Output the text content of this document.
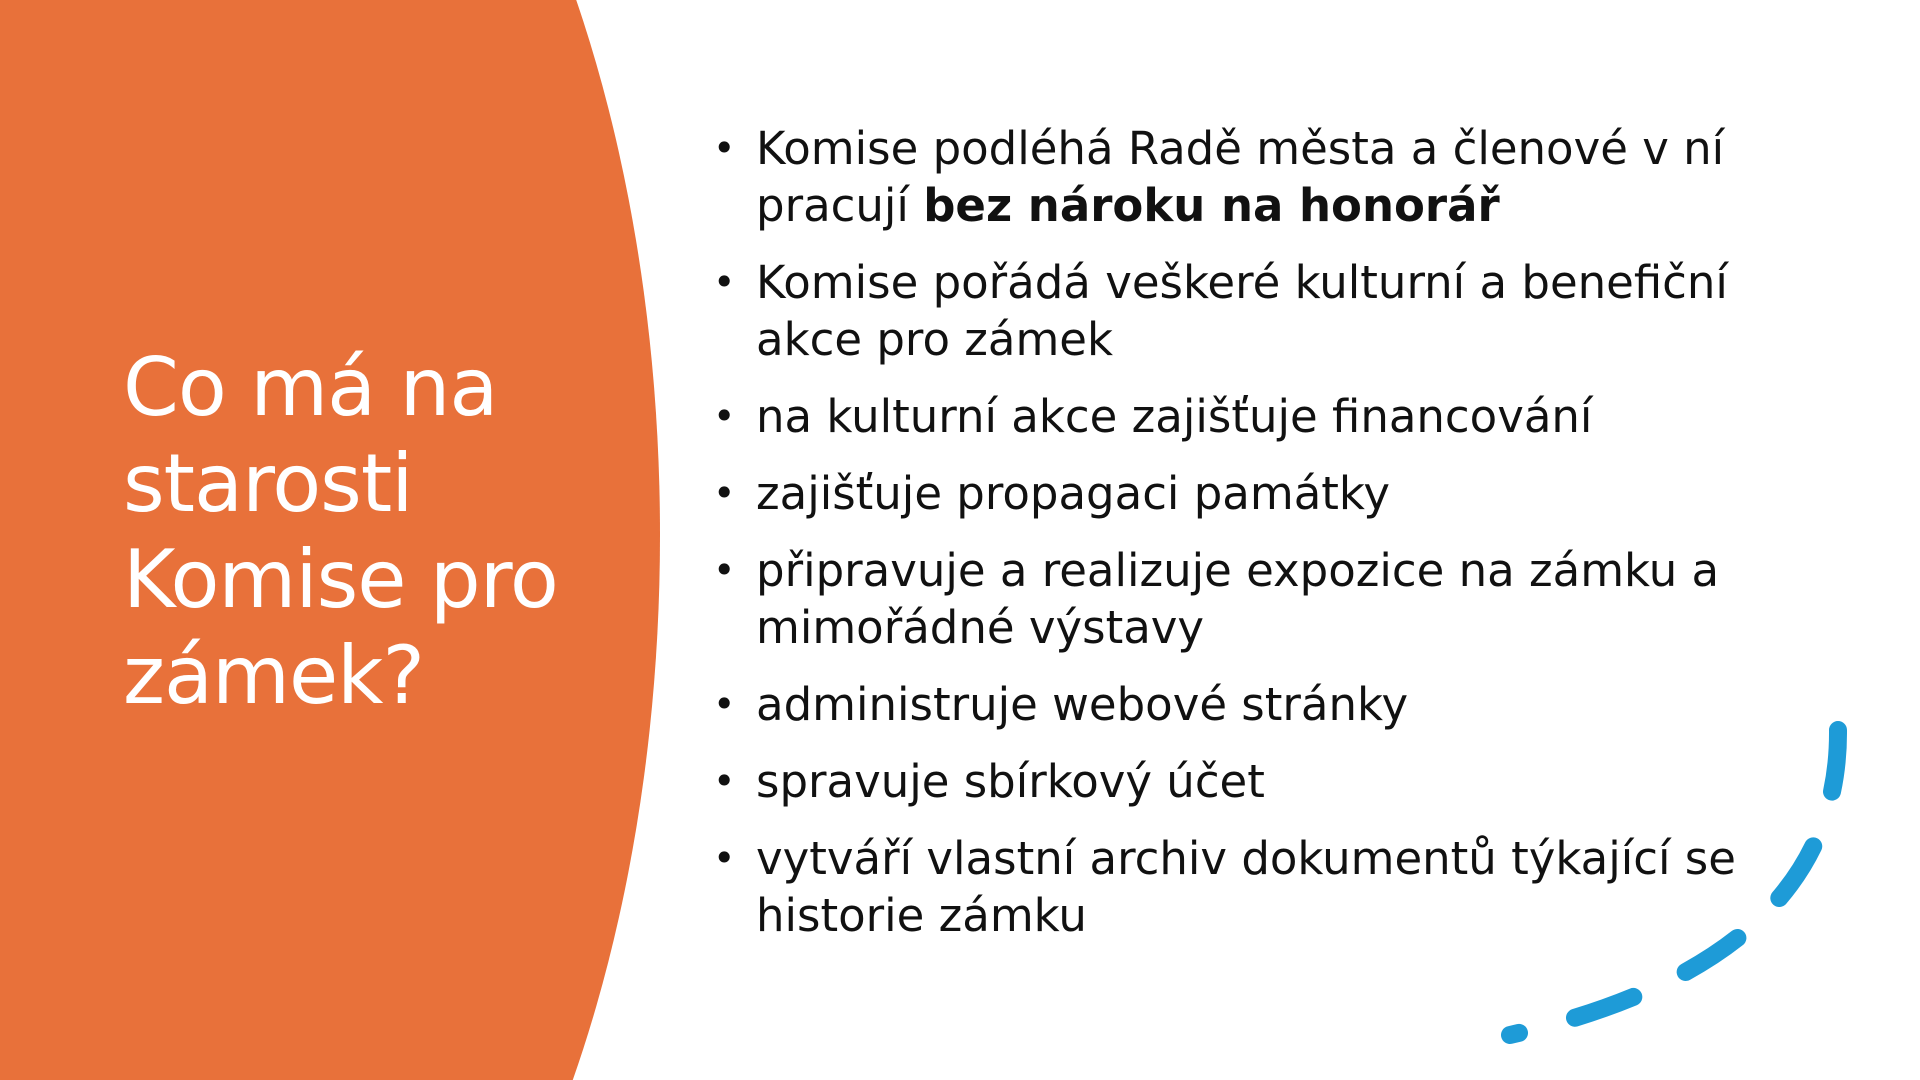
Co má na starosti Komise pro zámek?
• Komise podléhá Radě města a členové v ní pracují bez nároku na honorář
• Komise pořádá veškeré kulturní a benefiční akce pro zámek
• na kulturní akce zajišťuje financování
• zajišťuje propagaci památky
• připravuje a realizuje expozice na zámku a mimořádné výstavy
• administruje webové stránky
• spravuje sbírkový účet
• vytváří vlastní archiv dokumentů týkající se historie zámku
